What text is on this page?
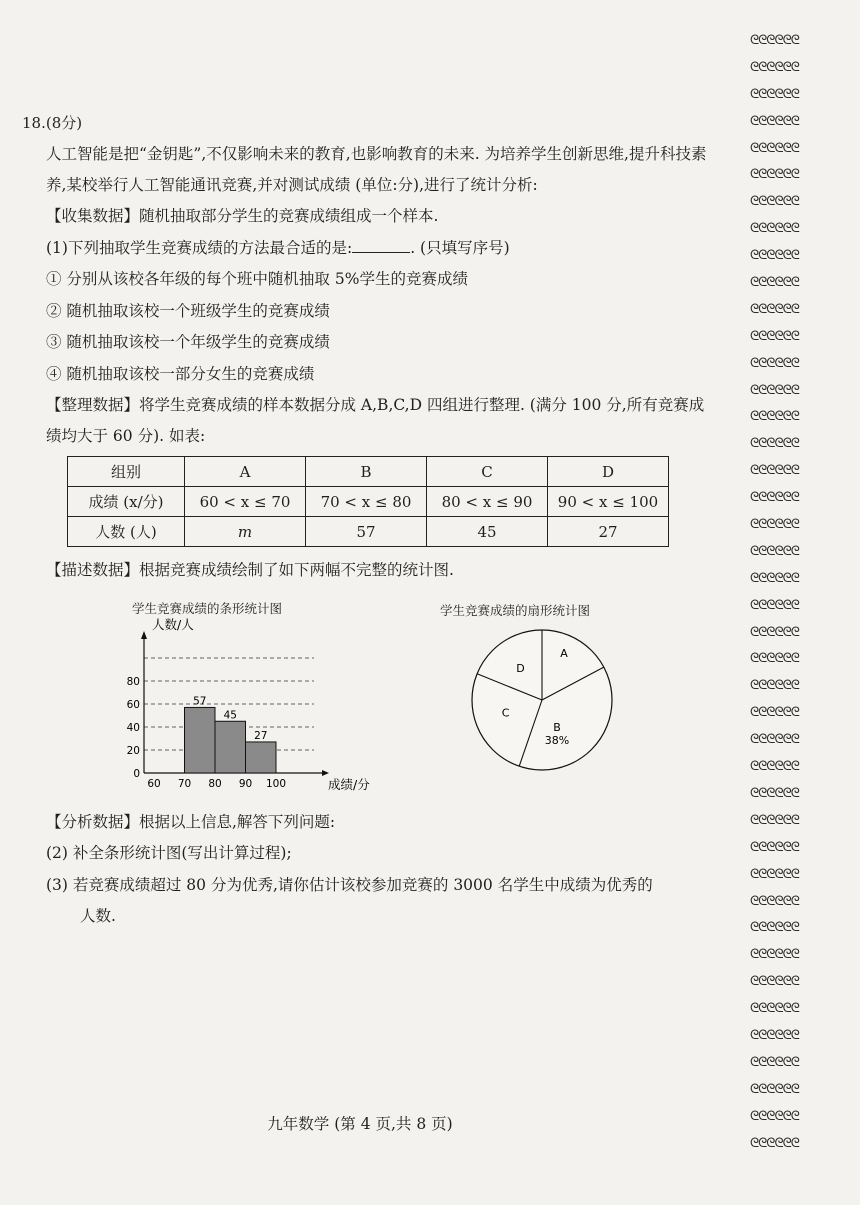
ᘓᘓᘓᘓᘓᘓ
ᘓᘓᘓᘓᘓᘓ
ᘓᘓᘓᘓᘓᘓ
ᘓᘓᘓᘓᘓᘓ
ᘓᘓᘓᘓᘓᘓ
ᘓᘓᘓᘓᘓᘓ
ᘓᘓᘓᘓᘓᘓ
ᘓᘓᘓᘓᘓᘓ
ᘓᘓᘓᘓᘓᘓ
ᘓᘓᘓᘓᘓᘓ
ᘓᘓᘓᘓᘓᘓ
ᘓᘓᘓᘓᘓᘓ
ᘓᘓᘓᘓᘓᘓ
ᘓᘓᘓᘓᘓᘓ
ᘓᘓᘓᘓᘓᘓ
ᘓᘓᘓᘓᘓᘓ
ᘓᘓᘓᘓᘓᘓ
ᘓᘓᘓᘓᘓᘓ
ᘓᘓᘓᘓᘓᘓ
ᘓᘓᘓᘓᘓᘓ
ᘓᘓᘓᘓᘓᘓ
ᘓᘓᘓᘓᘓᘓ
ᘓᘓᘓᘓᘓᘓ
ᘓᘓᘓᘓᘓᘓ
ᘓᘓᘓᘓᘓᘓ
ᘓᘓᘓᘓᘓᘓ
ᘓᘓᘓᘓᘓᘓ
ᘓᘓᘓᘓᘓᘓ
ᘓᘓᘓᘓᘓᘓ
ᘓᘓᘓᘓᘓᘓ
ᘓᘓᘓᘓᘓᘓ
ᘓᘓᘓᘓᘓᘓ
ᘓᘓᘓᘓᘓᘓ
ᘓᘓᘓᘓᘓᘓ
ᘓᘓᘓᘓᘓᘓ
ᘓᘓᘓᘓᘓᘓ
ᘓᘓᘓᘓᘓᘓ
ᘓᘓᘓᘓᘓᘓ
ᘓᘓᘓᘓᘓᘓ
ᘓᘓᘓᘓᘓᘓ
ᘓᘓᘓᘓᘓᘓ
ᘓᘓᘓᘓᘓᘓ
18.(8分)
人工智能是把“金钥匙”,不仅影响未来的教育,也影响教育的未来. 为培养学生创新思维,提升科技素养,某校举行人工智能通讯竞赛,并对测试成绩 (单位:分),进行了统计分析:
【收集数据】随机抽取部分学生的竞赛成绩组成一个样本.
(1)下列抽取学生竞赛成绩的方法最合适的是:	. (只填写序号)
① 分别从该校各年级的每个班中随机抽取 5%学生的竞赛成绩
② 随机抽取该校一个班级学生的竞赛成绩
③ 随机抽取该校一个年级学生的竞赛成绩
④ 随机抽取该校一部分女生的竞赛成绩
【整理数据】将学生竞赛成绩的样本数据分成 A,B,C,D 四组进行整理. (满分 100 分,所有竞赛成绩均大于 60 分). 如表:
组别	A	B	C	D
成绩 (x/分)	60 < x ≤ 70	70 < x ≤ 80	80 < x ≤ 90	90 < x ≤ 100
人数 (人)	m	57	45	27
【描述数据】根据竞赛成绩绘制了如下两幅不完整的统计图.
学生竞赛成绩的条形统计图
人数/人
成绩/分
0
20
40
60
80
60 70 80 90 100
57
45
27
学生竞赛成绩的扇形统计图
A
B
38%
C
D
【分析数据】根据以上信息,解答下列问题:
(2) 补全条形统计图(写出计算过程);
(3) 若竞赛成绩超过 80 分为优秀,请你估计该校参加竞赛的 3000 名学生中成绩为优秀的
人数.
九年数学 (第 4 页,共 8 页)
